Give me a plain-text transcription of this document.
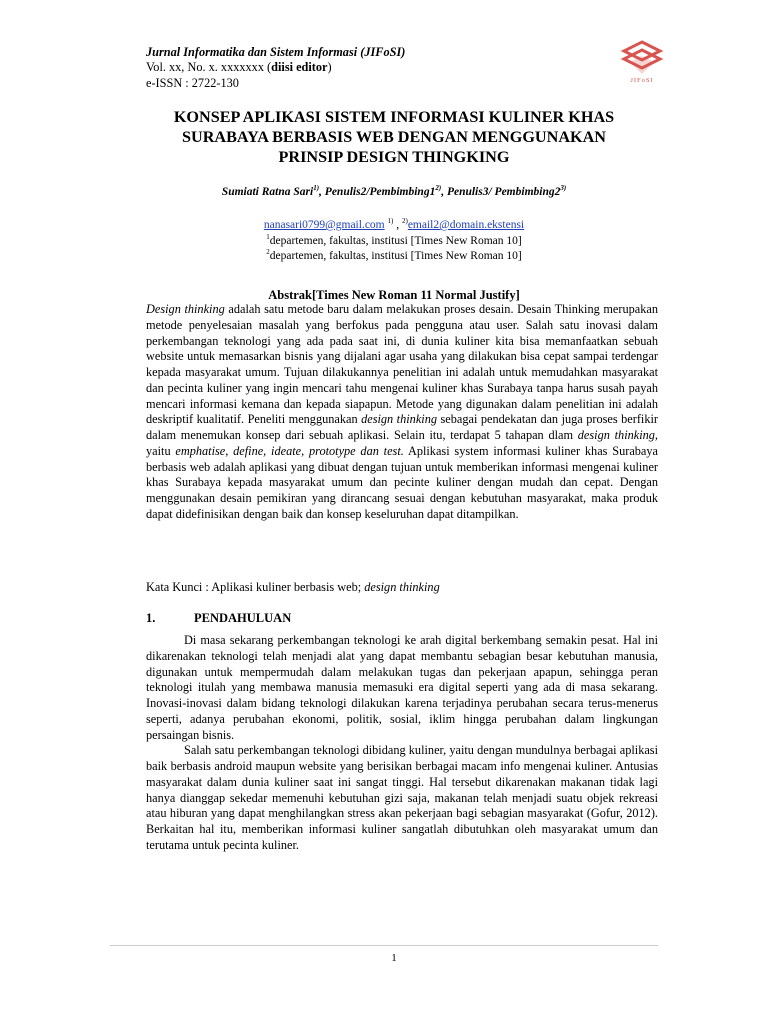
Jurnal Informatika dan Sistem Informasi (JIFoSI)
Vol. xx, No. x. xxxxxxx (diisi editor)
e-ISSN : 2722-130	JIFoSI
KONSEP APLIKASI SISTEM INFORMASI KULINER KHAS
SURABAYA BERBASIS WEB DENGAN MENGGUNAKAN
PRINSIP DESIGN THINGKING
Sumiati Ratna Sari$^{1)}$, Penulis2/Pembimbing1$^{2)}$, Penulis3/ Pembimbing2$^{3)}$
nanasari0799@gmail.com $^{1)}$ , $^{2)}$email2@domain.ekstensi
$^1$departemen, fakultas, institusi [Times New Roman 10]
$^2$departemen, fakultas, institusi [Times New Roman 10]
Abstrak[Times New Roman 11 Normal Justify]
Design thinking adalah satu metode baru dalam melakukan proses desain. Desain Thinking merupakan metode penyelesaian masalah yang berfokus pada pengguna atau user. Salah satu inovasi dalam perkembangan teknologi yang ada pada saat ini, di dunia kuliner kita bisa memanfaatkan sebuah website untuk memasarkan bisnis yang dijalani agar usaha yang dilakukan bisa cepat sampai terdengar kepada masyarakat umum. Tujuan dilakukannya penelitian ini adalah untuk memudahkan masyarakat dan pecinta kuliner yang ingin mencari tahu mengenai kuliner khas Surabaya tanpa harus susah payah mencari informasi kemana dan kepada siapapun. Metode yang digunakan dalam penelitian ini adalah deskriptif kualitatif. Peneliti menggunakan design thinking sebagai pendekatan dan juga proses berfikir dalam menemukan konsep dari sebuah aplikasi. Selain itu, terdapat 5 tahapan dlam design thinking, yaitu emphatise, define, ideate, prototype dan test. Aplikasi system informasi kuliner khas Surabaya berbasis web adalah aplikasi yang dibuat dengan tujuan untuk memberikan informasi mengenai kuliner khas Surabaya kepada masyarakat umum dan pecinte kuliner dengan mudah dan cepat. Dengan menggunakan desain pemikiran yang dirancang sesuai dengan kebutuhan masyarakat, maka produk dapat didefinisikan dengan baik dan konsep keseluruhan dapat ditampilkan.
Kata Kunci : Aplikasi kuliner berbasis web; design thinking
1.	PENDAHULUAN

Di masa sekarang perkembangan teknologi ke arah digital berkembang semakin pesat. Hal ini dikarenakan teknologi telah menjadi alat yang dapat membantu sebagian besar kebutuhan manusia, digunakan untuk mempermudah dalam melakukan tugas dan pekerjaan apapun, sehingga peran teknologi itulah yang membawa manusia memasuki era digital seperti yang ada di masa sekarang. Inovasi-inovasi dalam bidang teknologi dilakukan karena terjadinya perubahan secara terus-menerus seperti, adanya perubahan ekonomi, politik, sosial, iklim hingga perubahan dalam lingkungan persaingan bisnis.

Salah satu perkembangan teknologi dibidang kuliner, yaitu dengan mundulnya berbagai aplikasi baik berbasis android maupun website yang berisikan berbagai macam info mengenai kuliner. Antusias masyarakat dalam dunia kuliner saat ini sangat tinggi. Hal tersebut dikarenakan makanan tidak lagi hanya dianggap sekedar memenuhi kebutuhan gizi saja, makanan telah menjadi suatu objek rekreasi atau hiburan yang dapat menghilangkan stress akan pekerjaan bagi sebagian masyarakat (Gofur, 2012). Berkaitan hal itu, memberikan informasi kuliner sangatlah dibutuhkan oleh masyarakat umum dan terutama untuk pecinta kuliner.

1
